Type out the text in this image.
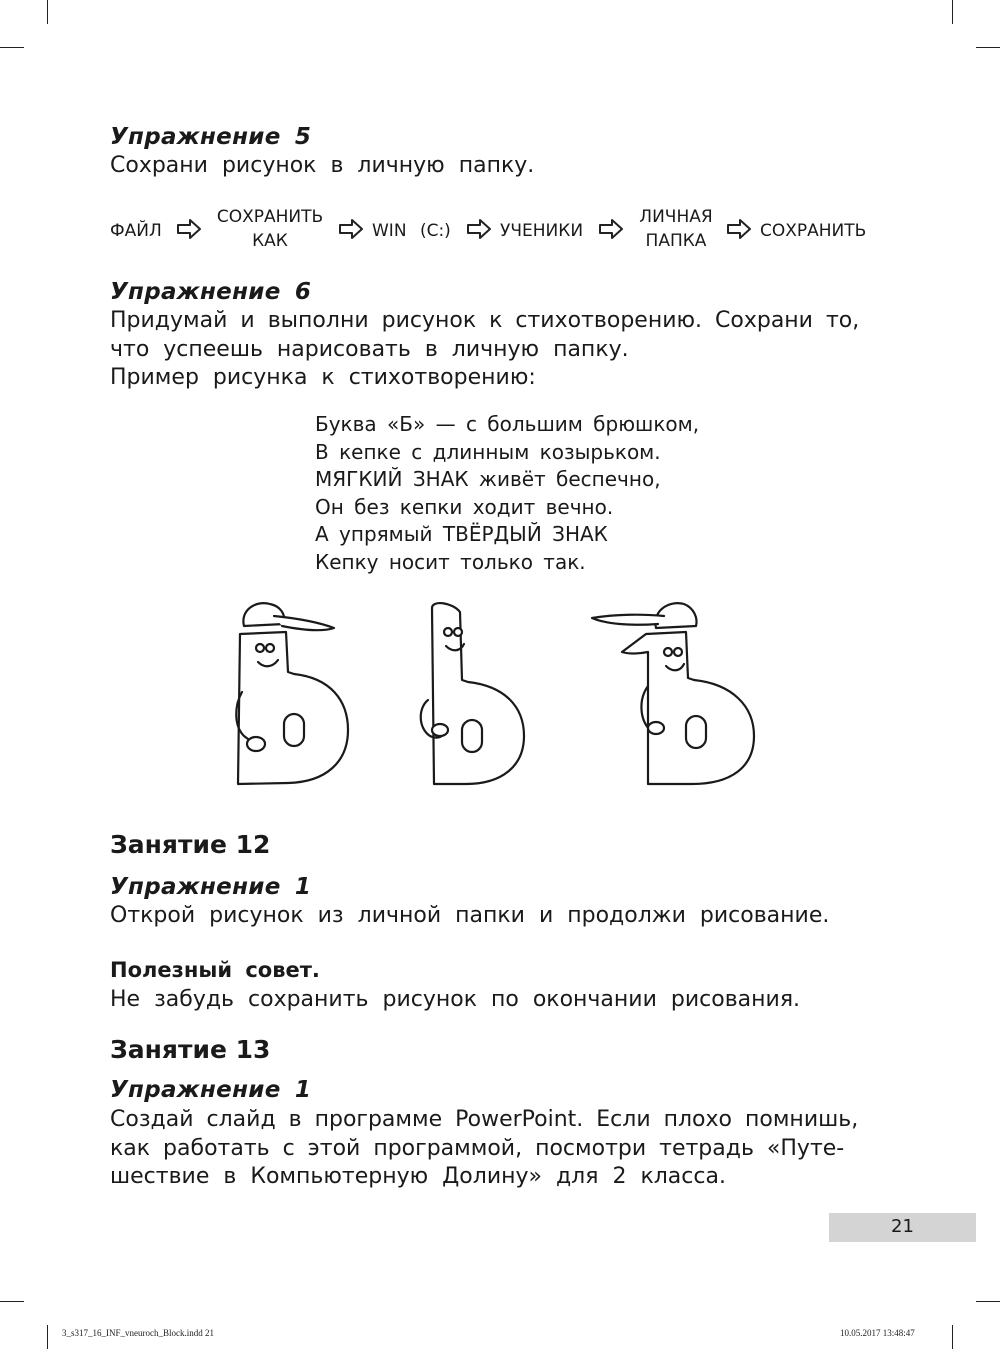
Упражнение 5
Сохрани рисунок в личную папку.
ФАЙЛ
СОХРАНИТЬ
КАК	WIN (C:)	УЧЕНИКИ
ЛИЧНАЯ
ПАПКА	СОХРАНИТЬ
Упражнение 6
Придумай и выполни рисунок к стихотворению. Сохрани то,
что успеешь нарисовать в личную папку.
Пример рисунка к стихотворению:
Буква «Б» — с большим брюшком,
В кепке с длинным козырьком.
МЯГКИЙ ЗНАК живёт беспечно,
Он без кепки ходит вечно.
А упрямый ТВЁРДЫЙ ЗНАК
Кепку носит только так.
Занятие 12
Упражнение 1
Открой рисунок из личной папки и продолжи рисование.
Полезный совет.
Не забудь сохранить рисунок по окончании рисования.
Занятие 13
Упражнение 1
Создай слайд в программе PowerPoint. Если плохо помнишь,
как работать с этой программой, посмотри тетрадь «Путе-
шествие в Компьютерную Долину» для 2 класса.
21
3_s317_16_INF_vneuroch_Block.indd 21	10.05.2017 13:48:47
